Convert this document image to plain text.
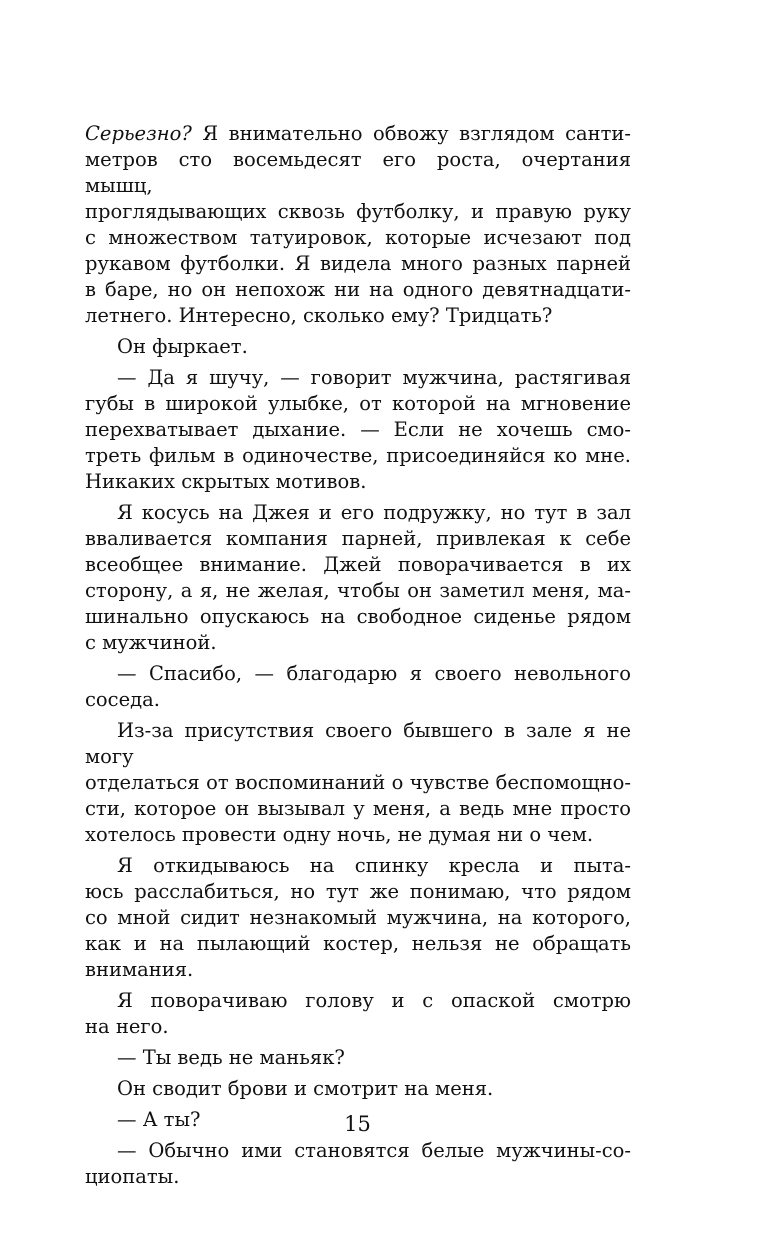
Серьезно? Я внимательно обвожу взглядом санти-

метров сто восемьдесят его роста, очертания мышц,

проглядывающих сквозь футболку, и правую руку

с множеством татуировок, которые исчезают под

рукавом футболки. Я видела много разных парней

в баре, но он непохож ни на одного девятнадцати-

летнего. Интересно, сколько ему? Тридцать?

Он фыркает.

— Да я шучу, — говорит мужчина, растягивая

губы в широкой улыбке, от которой на мгновение

перехватывает дыхание. — Если не хочешь смо-

треть фильм в одиночестве, присоединяйся ко мне.

Никаких скрытых мотивов.

Я косусь на Джея и его подружку, но тут в зал

вваливается компания парней, привлекая к себе

всеобщее внимание. Джей поворачивается в их

сторону, а я, не желая, чтобы он заметил меня, ма-

шинально опускаюсь на свободное сиденье рядом

с мужчиной.

— Спасибо, — благодарю я своего невольного

соседа.

Из-за присутствия своего бывшего в зале я не могу

отделаться от воспоминаний о чувстве беспомощно-

сти, которое он вызывал у меня, а ведь мне просто

хотелось провести одну ночь, не думая ни о чем.

Я откидываюсь на спинку кресла и пыта-

юсь расслабиться, но тут же понимаю, что рядом

со мной сидит незнакомый мужчина, на которого,

как и на пылающий костер, нельзя не обращать

внимания.

Я поворачиваю голову и с опаской смотрю

на него.

— Ты ведь не маньяк?

Он сводит брови и смотрит на меня.

— А ты?

— Обычно ими становятся белые мужчины-со-

циопаты.

15
